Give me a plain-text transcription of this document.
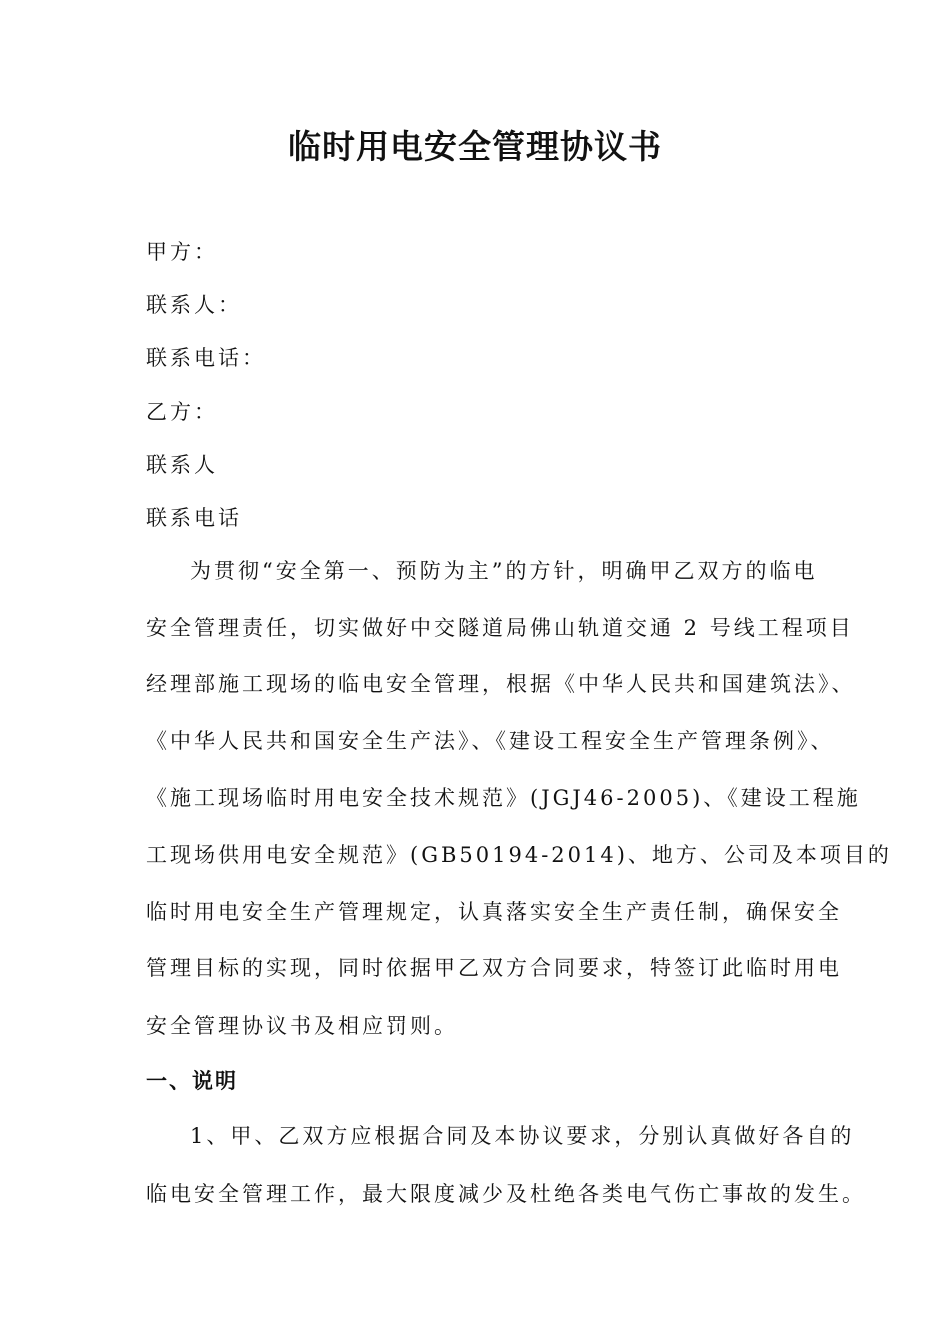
临时用电安全管理协议书
甲方：
联系人：
联系电话：
乙方：
联系人
联系电话
为贯彻“安全第一、预防为主”的方针，明确甲乙双方的临电
安全管理责任，切实做好中交隧道局佛山轨道交通 2 号线工程项目
经理部施工现场的临电安全管理，根据《中华人民共和国建筑法》、
《中华人民共和国安全生产法》、《建设工程安全生产管理条例》、
《施工现场临时用电安全技术规范》(JGJ46-2005)、《建设工程施
工现场供用电安全规范》(GB50194-2014)、地方、公司及本项目的
临时用电安全生产管理规定，认真落实安全生产责任制，确保安全
管理目标的实现，同时依据甲乙双方合同要求，特签订此临时用电
安全管理协议书及相应罚则。
一、说明
1、甲、乙双方应根据合同及本协议要求，分别认真做好各自的
临电安全管理工作，最大限度减少及杜绝各类电气伤亡事故的发生。
